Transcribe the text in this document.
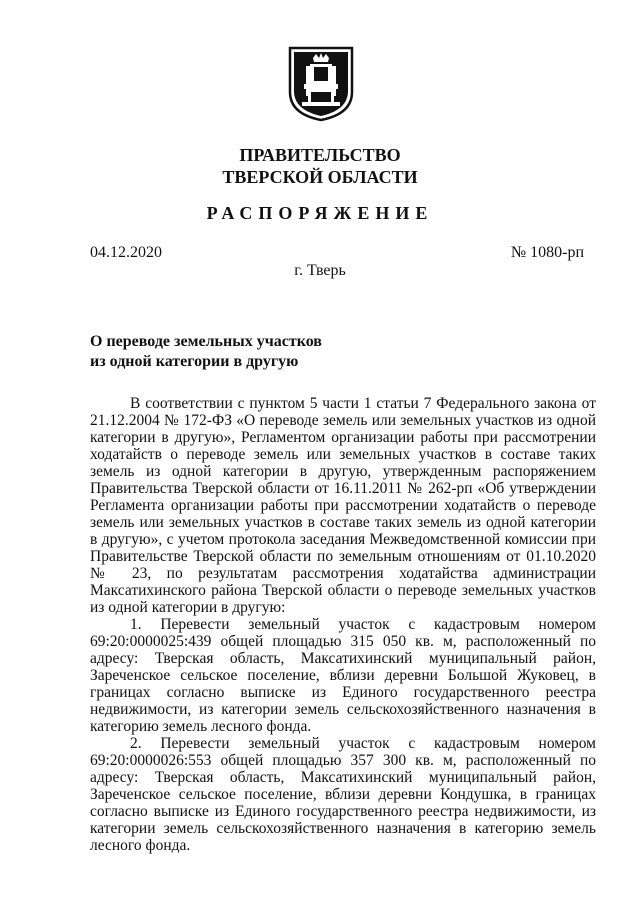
ПРАВИТЕЛЬСТВО
ТВЕРСКОЙ ОБЛАСТИ
РАСПОРЯЖЕНИЕ
04.12.2020	№ 1080-рп
г. Тверь
О переводе земельных участков
из одной категории в другую

В соответствии с пунктом 5 части 1 статьи 7 Федерального закона от 21.12.2004 № 172-ФЗ «О переводе земель или земельных участков из одной категории в другую», Регламентом организации работы при рассмотрении ходатайств о переводе земель или земельных участков в составе таких земель из одной категории в другую, утвержденным распоряжением Правительства Тверской области от 16.11.2011 № 262-рп «Об утверждении Регламента организации работы при рассмотрении ходатайств о переводе земель или земельных участков в составе таких земель из одной категории в другую», с учетом протокола заседания Межведомственной комиссии при Правительстве Тверской области по земельным отношениям от 01.10.2020 № 23, по результатам рассмотрения ходатайства администрации Максатихинского района Тверской области о переводе земельных участков из одной категории в другую:

1. Перевести земельный участок с кадастровым номером 69:20:0000025:439 общей площадью 315 050 кв. м, расположенный по адресу: Тверская область, Максатихинский муниципальный район, Зареченское сельское поселение, вблизи деревни Большой Жуковец, в границах согласно выписке из Единого государственного реестра недвижимости, из категории земель сельскохозяйственного назначения в категорию земель лесного фонда.

2. Перевести земельный участок с кадастровым номером 69:20:0000026:553 общей площадью 357 300 кв. м, расположенный по адресу: Тверская область, Максатихинский муниципальный район, Зареченское сельское поселение, вблизи деревни Кондушка, в границах согласно выписке из Единого государственного реестра недвижимости, из категории земель сельскохозяйственного назначения в категорию земель лесного фонда.
